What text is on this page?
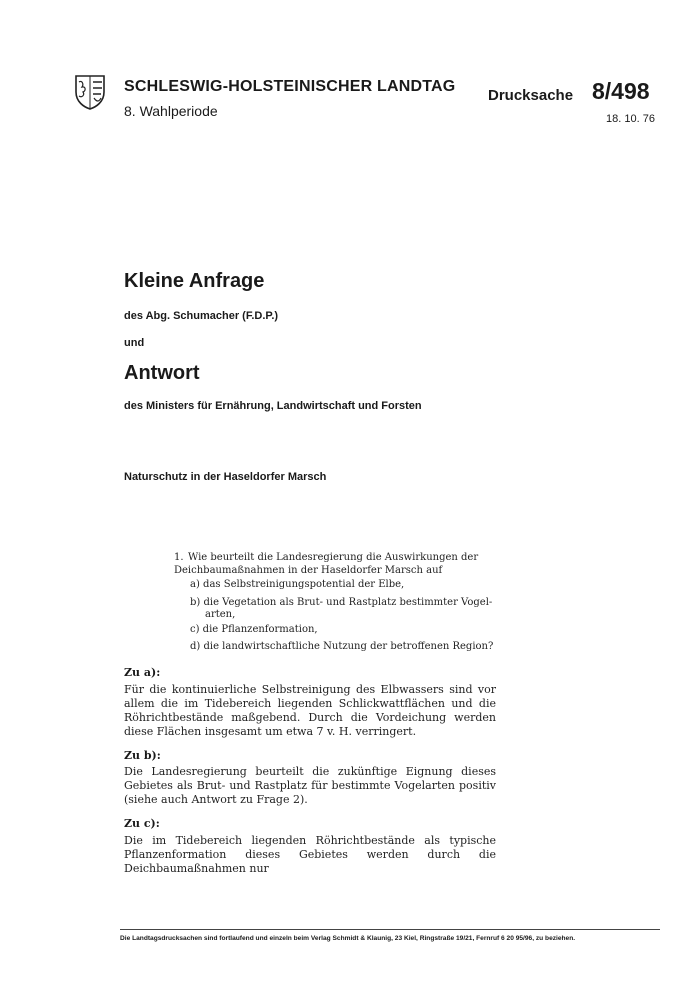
SCHLESWIG-HOLSTEINISCHER LANDTAG
8. Wahlperiode
Drucksache 8/498
18. 10. 76
Kleine Anfrage
des Abg. Schumacher (F.D.P.)
und
Antwort
des Ministers für Ernährung, Landwirtschaft und Forsten
Naturschutz in der Haseldorfer Marsch
1. Wie beurteilt die Landesregierung die Auswirkungen der Deichbaumaßnahmen in der Haseldorfer Marsch auf
a) das Selbstreinigungspotential der Elbe,
b) die Vegetation als Brut- und Rastplatz bestimmter Vogel-
arten,
c) die Pflanzenformation,
d) die landwirtschaftliche Nutzung der betroffenen Region?
Zu a):
Für die kontinuierliche Selbstreinigung des Elbwassers sind vor allem die im Tidebereich liegenden Schlickwattflächen und die Röhrichtbestände maßgebend. Durch die Vordeichung werden diese Flächen insgesamt um etwa 7 v. H. verringert.
Zu b):
Die Landesregierung beurteilt die zukünftige Eignung dieses Gebietes als Brut- und Rastplatz für bestimmte Vogelarten positiv (siehe auch Antwort zu Frage 2).
Zu c):
Die im Tidebereich liegenden Röhrichtbestände als typische Pflanzenformation dieses Gebietes werden durch die Deichbaumaßnahmen nur
Die Landtagsdrucksachen sind fortlaufend und einzeln beim Verlag Schmidt & Klaunig, 23 Kiel, Ringstraße 19/21, Fernruf 6 20 95/96, zu beziehen.
